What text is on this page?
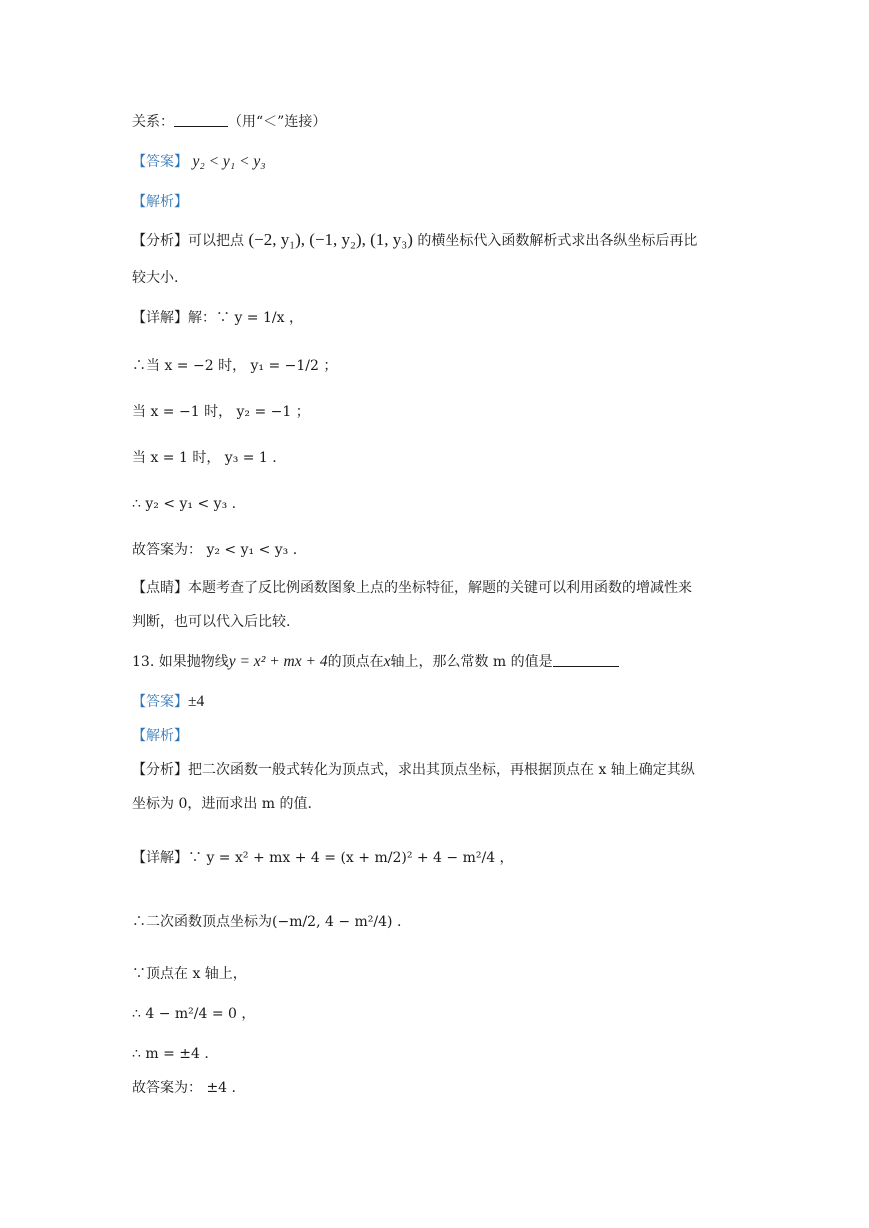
关系：	（用“＜”连接）
【答案】 y₂ < y₁ < y₃
【解析】
【分析】可以把点 (−2, y₁), (−1, y₂), (1, y₃) 的横坐标代入函数解析式求出各纵坐标后再比
较大小.
【详解】解：∵ y = 1/x ，
∴当 x = −2 时， y₁ = −1/2 ；
当 x = −1 时， y₂ = −1 ；
当 x = 1 时， y₃ = 1 .
∴ y₂ < y₁ < y₃ .
故答案为： y₂ < y₁ < y₃ .
【点睛】本题考查了反比例函数图象上点的坐标特征，解题的关键可以利用函数的增减性来
判断，也可以代入后比较.
13. 如果抛物线y = x² + mx + 4的顶点在x轴上，那么常数 m 的值是
【答案】±4
【解析】
【分析】把二次函数一般式转化为顶点式，求出其顶点坐标，再根据顶点在 x 轴上确定其纵
坐标为 0，进而求出 m 的值.
【详解】∵ y = x² + mx + 4 = (x + m/2)² + 4 − m²/4 ，
∴二次函数顶点坐标为(−m/2, 4 − m²/4) .
∵顶点在 x 轴上，
∴ 4 − m²/4 = 0 ，
∴ m = ±4 .
故答案为： ±4 .
